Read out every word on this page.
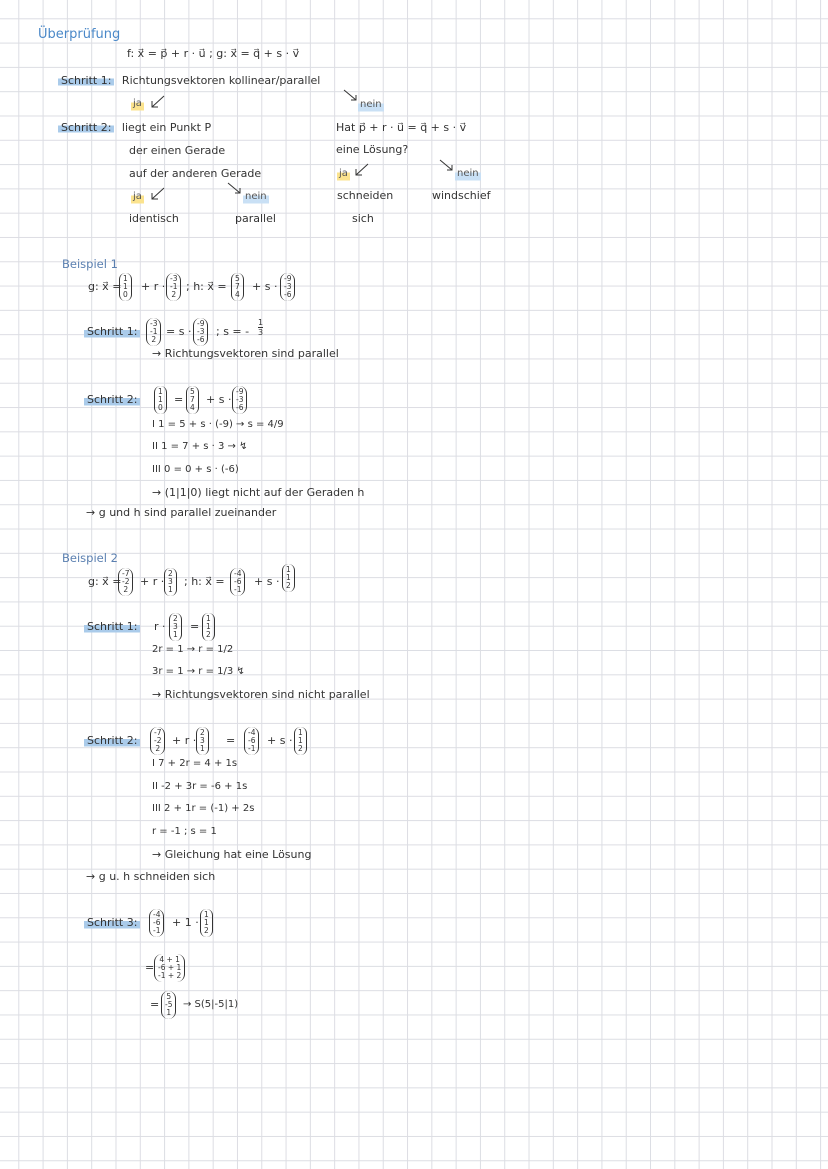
Überprüfung
f: x⃗ = p⃗ + r · u⃗ ; g: x⃗ = q⃗ + s · v⃗
Schritt 1: Richtungsvektoren kollinear/parallel
ja	nein
Schritt 2: liegt ein Punkt P
der einen Gerade
auf der anderen Gerade
ja	nein
identisch	parallel
Hat p⃗ + r · u⃗ = q⃗ + s · v⃗
eine Lösung?
ja	nein
schneiden	windschief
sich
Beispiel 1
g: x⃗ =
1
1
0
+ r ·
-3
-1
2
; h: x⃗ =
5
7
4
+ s ·
-9
-3
-6
Schritt 1:
-3
-1
2
= s ·
-9
-3
-6
; s = - $\frac{1}{3}$
→ Richtungsvektoren sind parallel
Schritt 2:
1
1
0
=
5
7
4
+ s ·
-9
-3
-6
I 1 = 5 + s · (-9) → s = 4/9
II 1 = 7 + s · 3 → ↯
III 0 = 0 + s · (-6)
→ (1|1|0) liegt nicht auf der Geraden h
→ g und h sind parallel zueinander
Beispiel 2
g: x⃗ =
-7
-2
2
+ r ·
2
3
1
; h: x⃗ =
-4
-6
-1
+ s ·
1
1
2
Schritt 1: r ·
2
3
1
=
1
1
2
2r = 1 → r = 1/2
3r = 1 → r = 1/3 ↯
→ Richtungsvektoren sind nicht parallel
Schritt 2:
-7
-2
2
+ r ·
2
3
1
=
-4
-6
-1
+ s ·
1
1
2
I 7 + 2r = 4 + 1s
II -2 + 3r = -6 + 1s
III 2 + 1r = (-1) + 2s
r = -1 ; s = 1
→ Gleichung hat eine Lösung
→ g u. h schneiden sich
Schritt 3:
-4
-6
-1
+ 1 ·
1
1
2
=
4 + 1
-6 + 1
-1 + 2
=
5
-5
1
→ S(5|-5|1)
